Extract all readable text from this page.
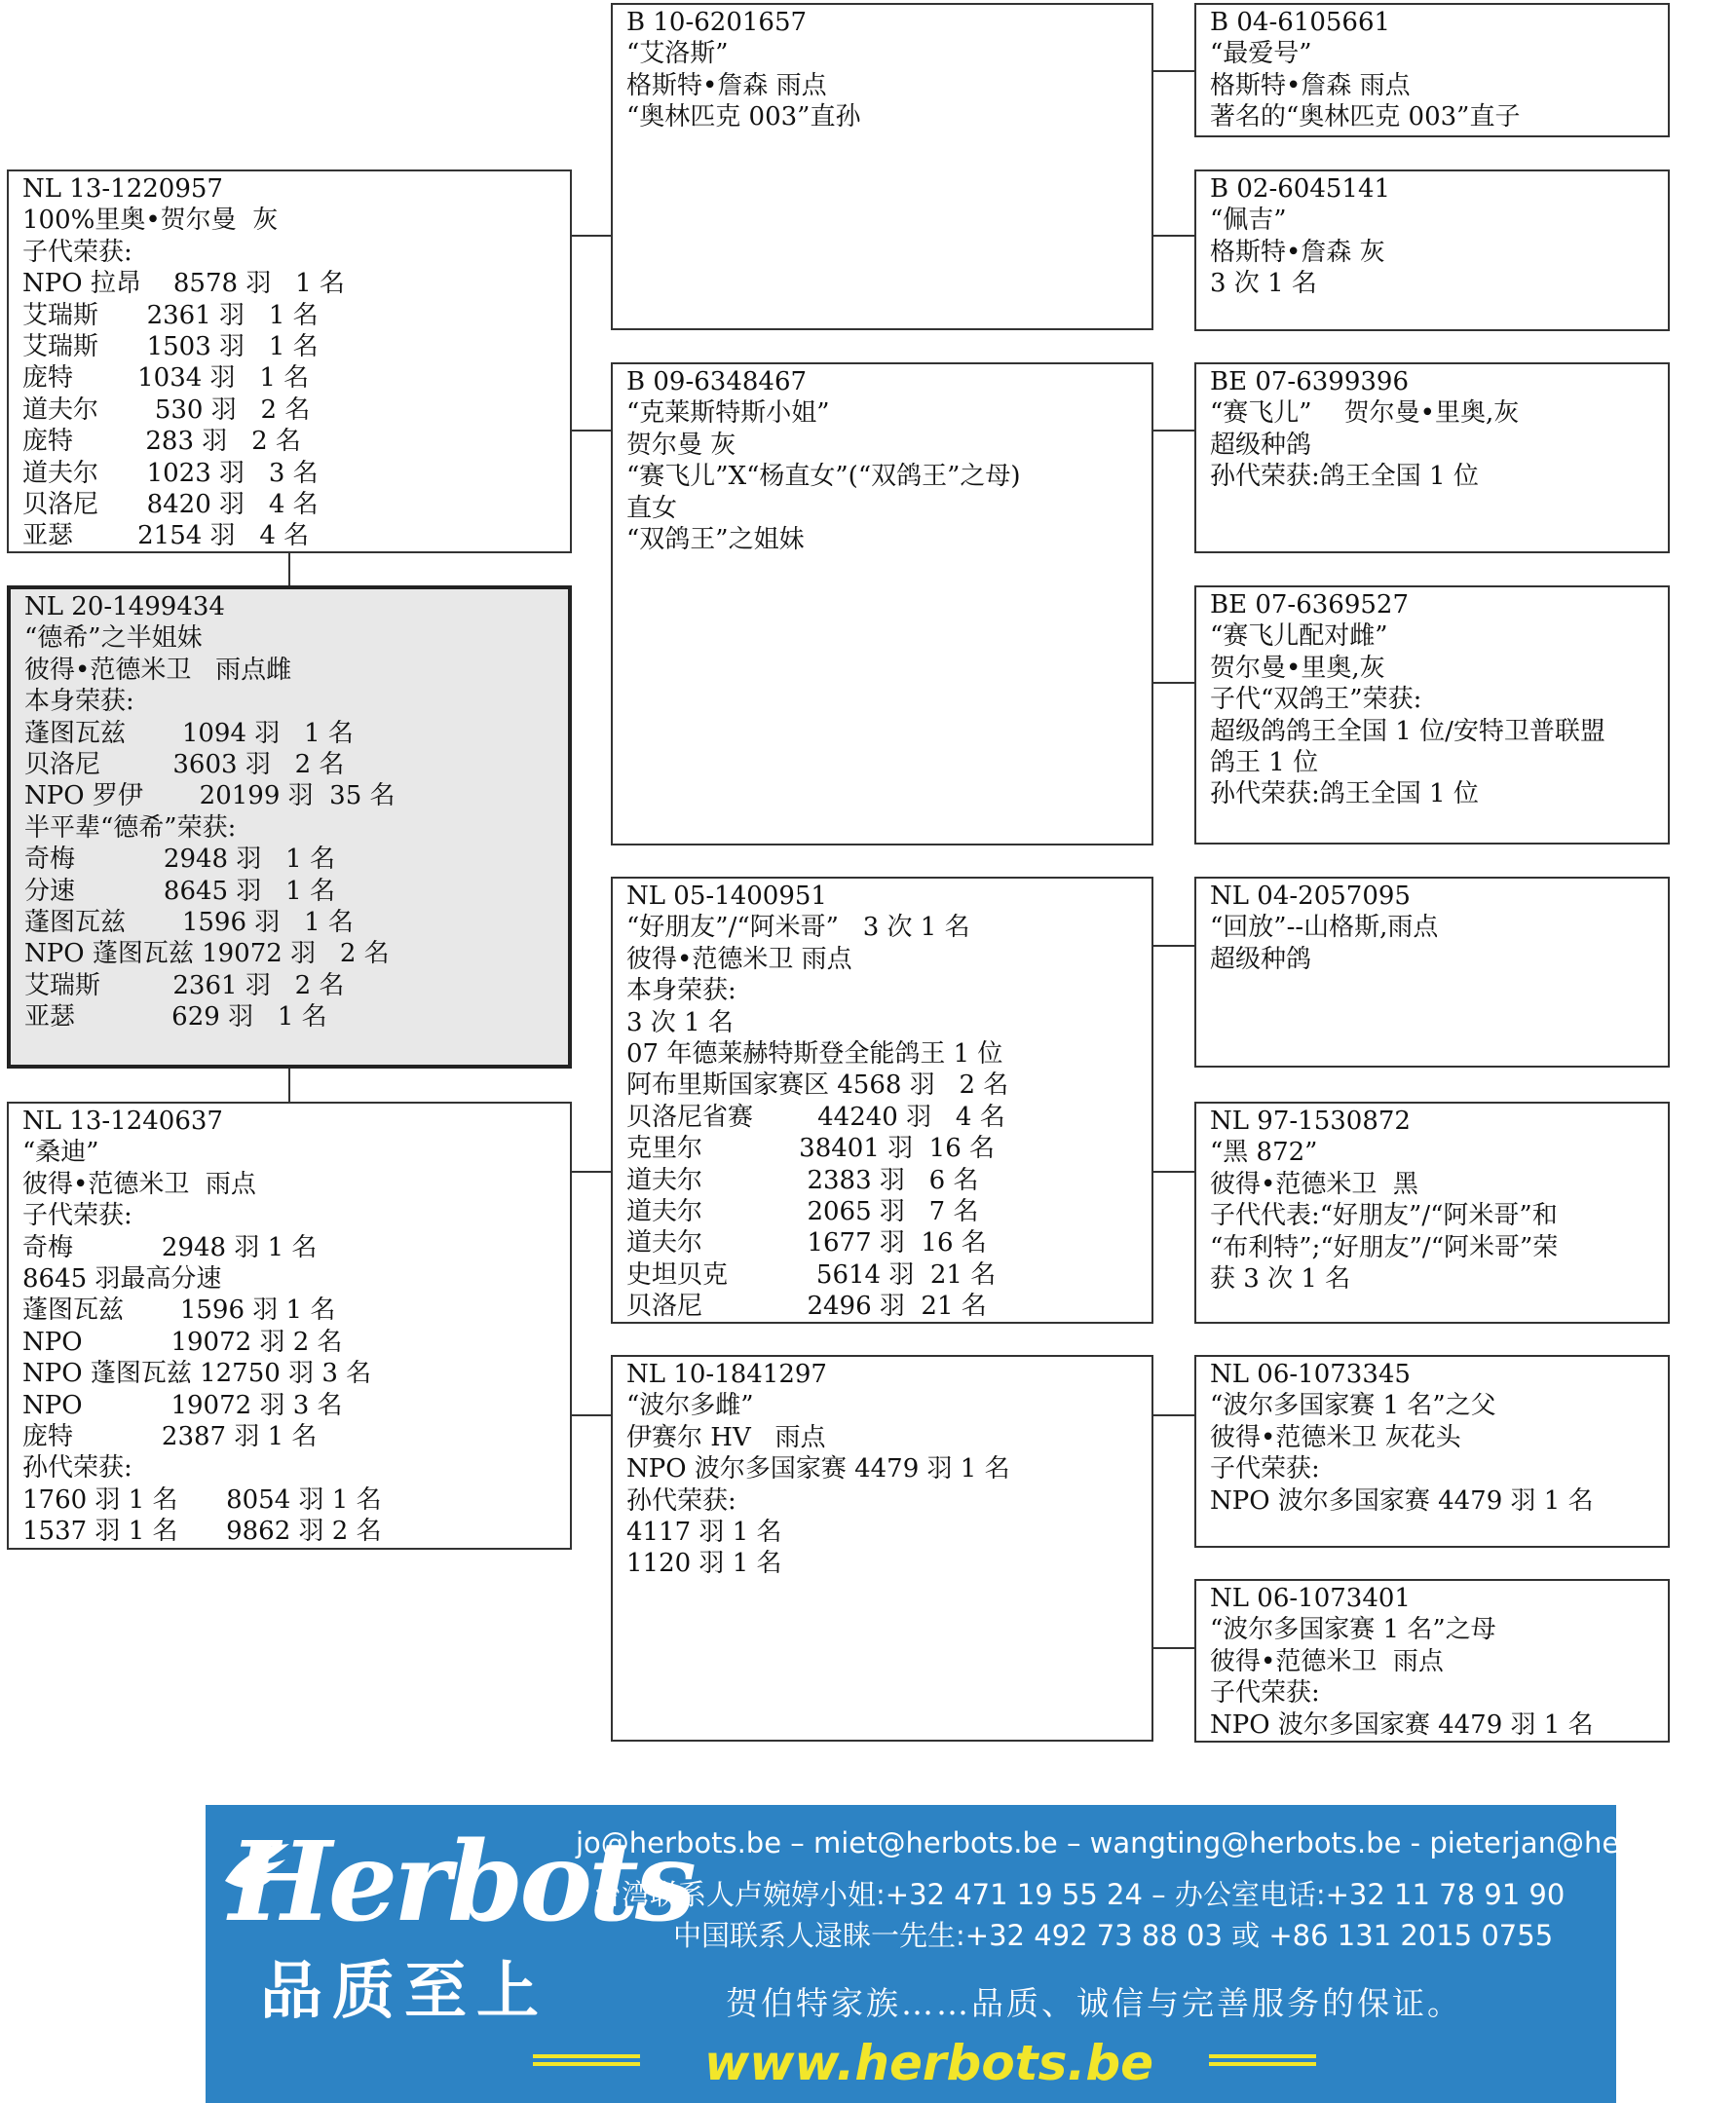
NL 13-1220957
100%里奥•贺尔曼  灰
子代荣获:
NPO 拉昂    8578 羽   1 名
艾瑞斯      2361 羽   1 名
艾瑞斯      1503 羽   1 名
庞特        1034 羽   1 名
道夫尔       530 羽   2 名
庞特         283 羽   2 名
道夫尔      1023 羽   3 名
贝洛尼      8420 羽   4 名
亚瑟        2154 羽   4 名
NL 20-1499434
“德希”之半姐妹
彼得•范德米卫   雨点雌
本身荣获:
蓬图瓦兹       1094 羽   1 名
贝洛尼         3603 羽   2 名
NPO 罗伊       20199 羽  35 名
半平辈“德希”荣获:
奇梅           2948 羽   1 名
分速           8645 羽   1 名
蓬图瓦兹       1596 羽   1 名
NPO 蓬图瓦兹 19072 羽   2 名
艾瑞斯         2361 羽   2 名
亚瑟            629 羽   1 名
NL 13-1240637
“桑迪”
彼得•范德米卫  雨点
子代荣获:
奇梅           2948 羽 1 名
8645 羽最高分速
蓬图瓦兹       1596 羽 1 名
NPO           19072 羽 2 名
NPO 蓬图瓦兹 12750 羽 3 名
NPO           19072 羽 3 名
庞特           2387 羽 1 名
孙代荣获:
1760 羽 1 名      8054 羽 1 名
1537 羽 1 名      9862 羽 2 名
B 10-6201657
“艾洛斯”
格斯特•詹森 雨点
“奥林匹克 003”直孙
B 09-6348467
“克莱斯特斯小姐”
贺尔曼 灰
“赛飞儿”X“杨直女”(“双鸽王”之母)
直女
“双鸽王”之姐妹
NL 05-1400951
“好朋友”/“阿米哥”   3 次 1 名
彼得•范德米卫 雨点
本身荣获:
3 次 1 名
07 年德莱赫特斯登全能鸽王 1 位
阿布里斯国家赛区 4568 羽   2 名
贝洛尼省赛        44240 羽   4 名
克里尔            38401 羽  16 名
道夫尔             2383 羽   6 名
道夫尔             2065 羽   7 名
道夫尔             1677 羽  16 名
史坦贝克           5614 羽  21 名
贝洛尼             2496 羽  21 名
NL 10-1841297
“波尔多雌”
伊赛尔 HV   雨点
NPO 波尔多国家赛 4479 羽 1 名
孙代荣获:
4117 羽 1 名
1120 羽 1 名
B 04-6105661
“最爱号”
格斯特•詹森 雨点
著名的“奥林匹克 003”直子
B 02-6045141
“佩吉”
格斯特•詹森 灰
3 次 1 名
BE 07-6399396
“赛飞儿”    贺尔曼•里奥,灰
超级种鸽
孙代荣获:鸽王全国 1 位
BE 07-6369527
“赛飞儿配对雌”
贺尔曼•里奥,灰
子代“双鸽王”荣获:
超级鸽鸽王全国 1 位/安特卫普联盟
鸽王 1 位
孙代荣获:鸽王全国 1 位
NL 04-2057095
“回放”--山格斯,雨点
超级种鸽
NL 97-1530872
“黑 872”
彼得•范德米卫  黑
子代代表:“好朋友”/“阿米哥”和
“布利特”;“好朋友”/“阿米哥”荣
获 3 次 1 名
NL 06-1073345
“波尔多国家赛 1 名”之父
彼得•范德米卫 灰花头
子代荣获:
NPO 波尔多国家赛 4479 羽 1 名
NL 06-1073401
“波尔多国家赛 1 名”之母
彼得•范德米卫  雨点
子代荣获:
NPO 波尔多国家赛 4479 羽 1 名
Herbots
品质至上
jo@herbots.be – miet@herbots.be – wangting@herbots.be - pieterjan@herbots.be
台湾联系人卢婉婷小姐:+32 471 19 55 24 – 办公室电话:+32 11 78 91 90
中国联系人逯睐一先生:+32 492 73 88 03 或 +86 131 2015 0755
贺伯特家族……品质、诚信与完善服务的保证。
www.herbots.be
